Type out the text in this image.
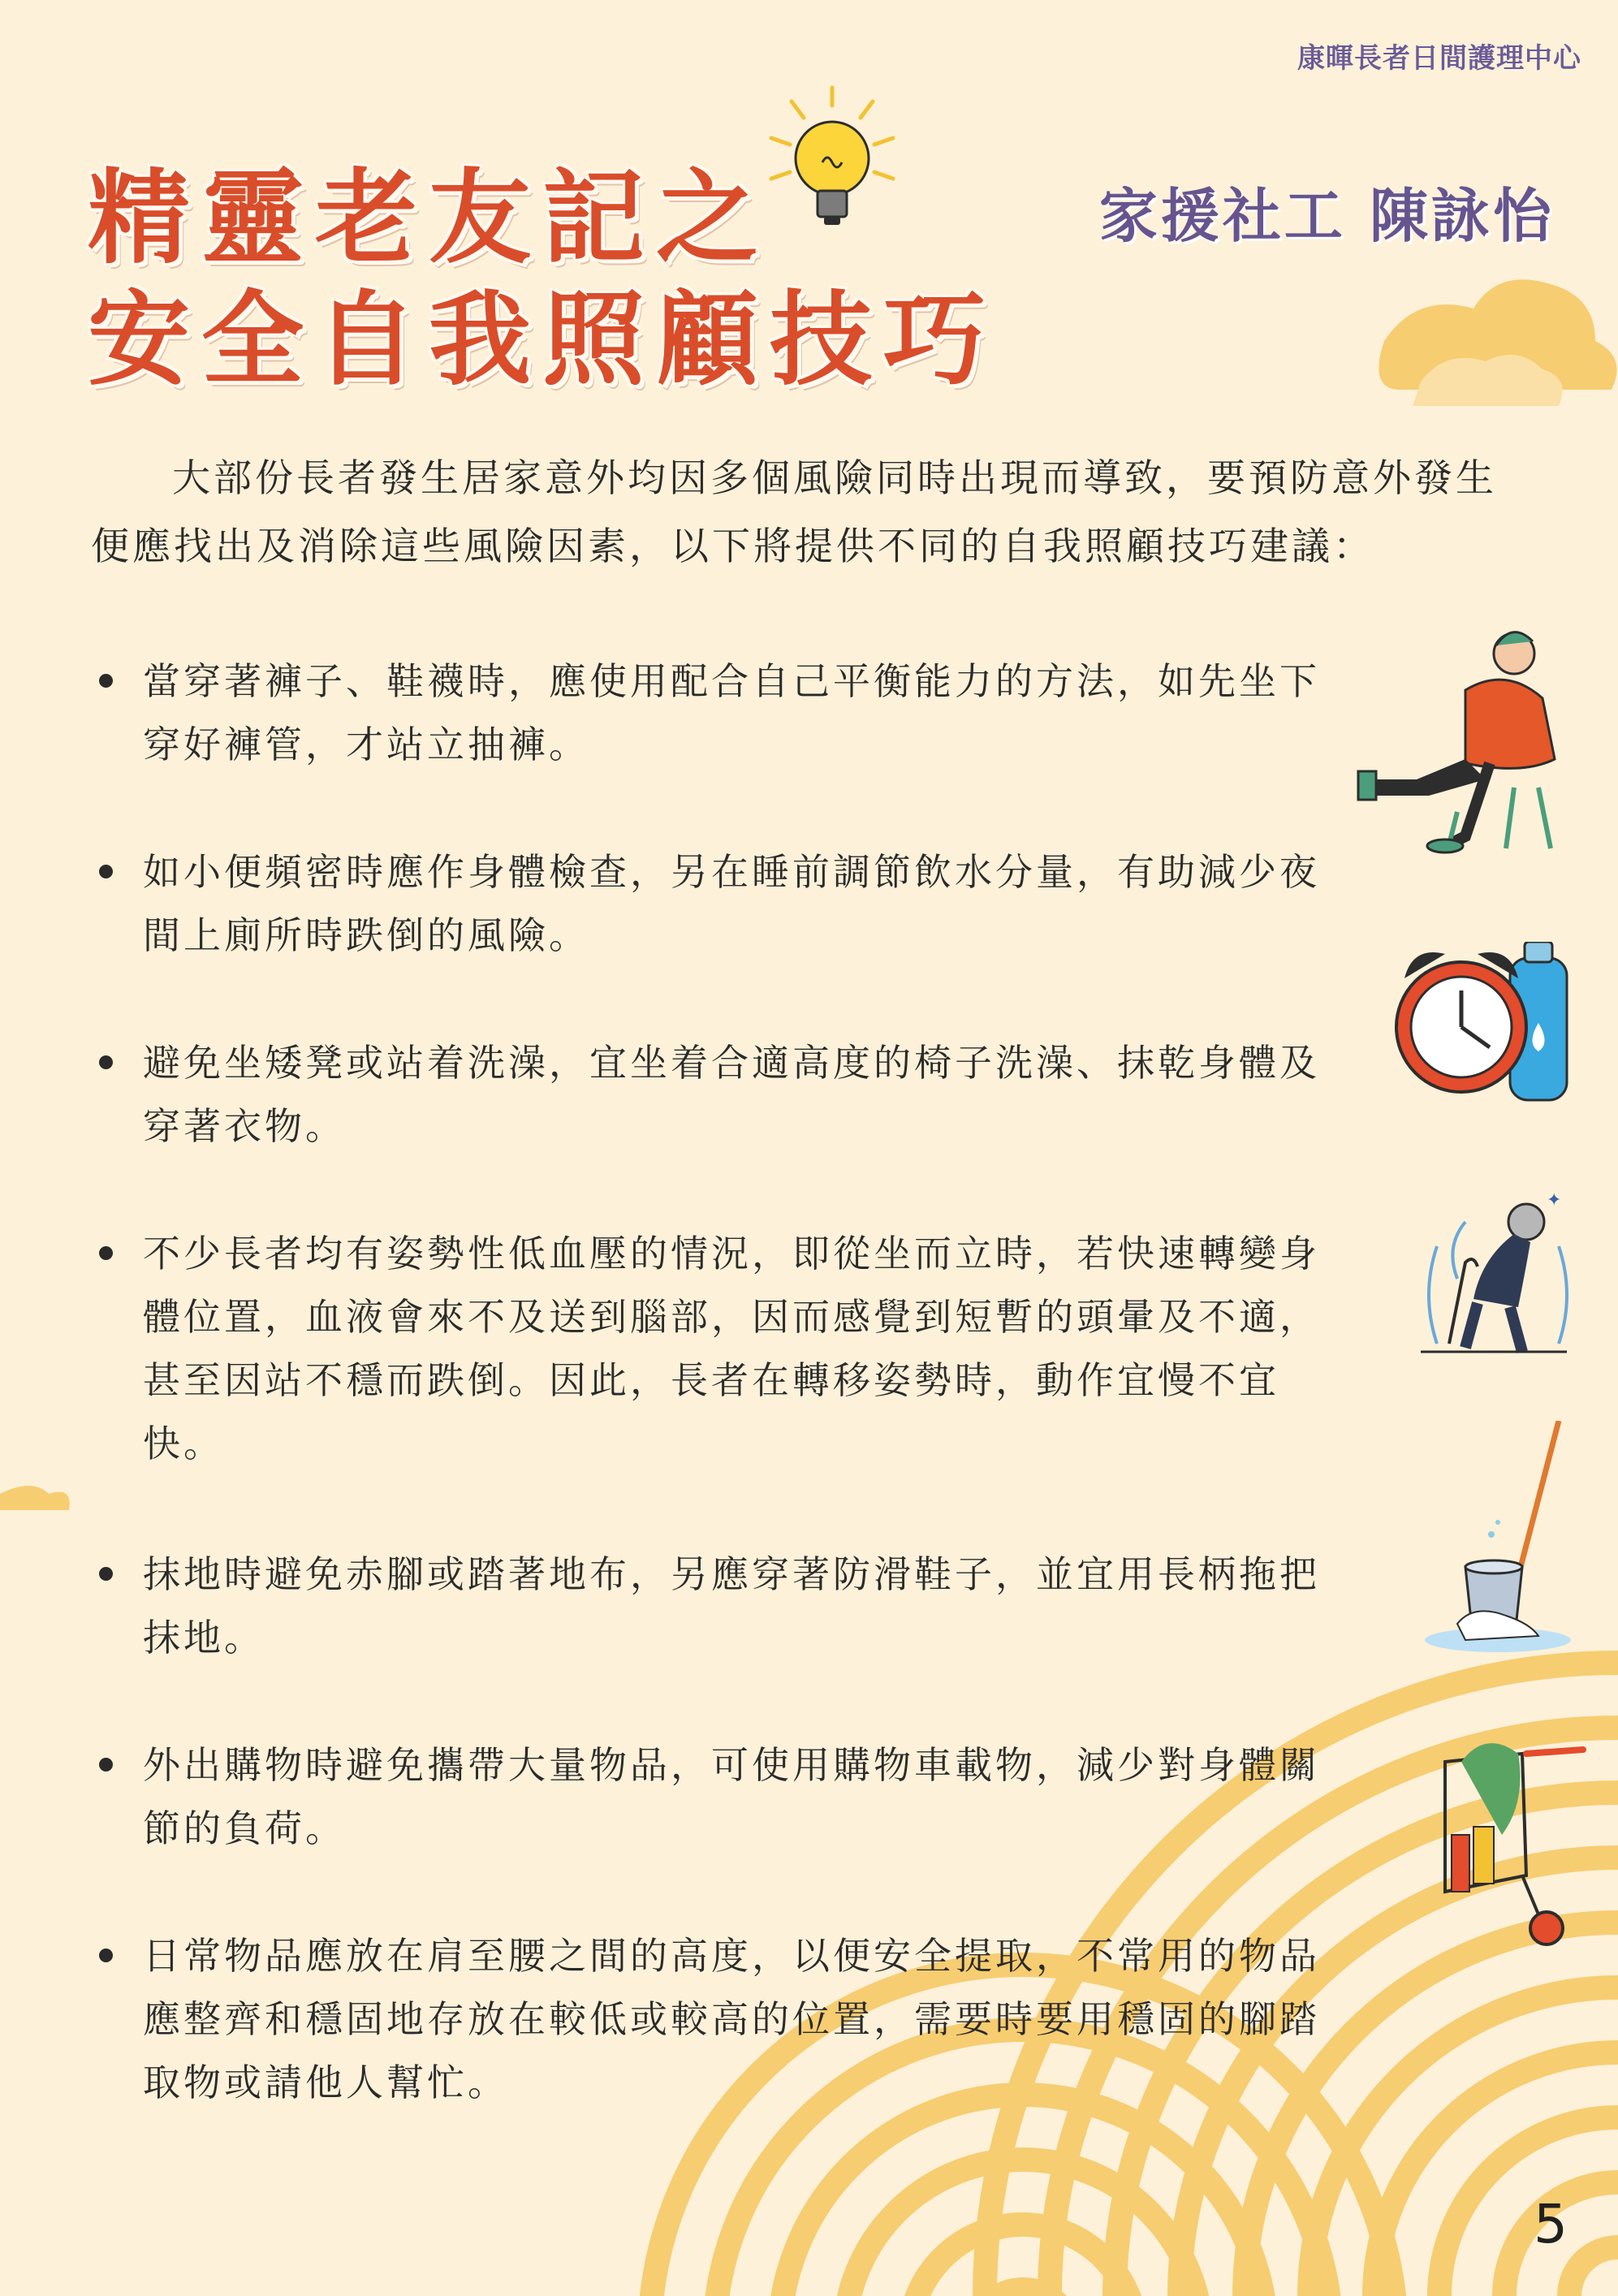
康暉長者日間護理中心
精靈老友記之
安全自我照顧技巧
家援社工 陳詠怡
大部份長者發生居家意外均因多個風險同時出現而導致，要預防意外發生便應找出及消除這些風險因素，以下將提供不同的自我照顧技巧建議：
當穿著褲子、鞋襪時，應使用配合自己平衡能力的方法，如先坐下穿好褲管，才站立抽褲。
如小便頻密時應作身體檢查，另在睡前調節飲水分量，有助減少夜間上廁所時跌倒的風險。
避免坐矮凳或站着洗澡，宜坐着合適高度的椅子洗澡、抹乾身體及穿著衣物。
不少長者均有姿勢性低血壓的情況，即從坐而立時，若快速轉變身體位置，血液會來不及送到腦部，因而感覺到短暫的頭暈及不適，甚至因站不穩而跌倒。因此，長者在轉移姿勢時，動作宜慢不宜快。
抹地時避免赤腳或踏著地布，另應穿著防滑鞋子，並宜用長柄拖把抹地。
外出購物時避免攜帶大量物品，可使用購物車載物，減少對身體關節的負荷。
日常物品應放在肩至腰之間的高度，以便安全提取，不常用的物品應整齊和穩固地存放在較低或較高的位置，需要時要用穩固的腳踏取物或請他人幫忙。
✦
5
